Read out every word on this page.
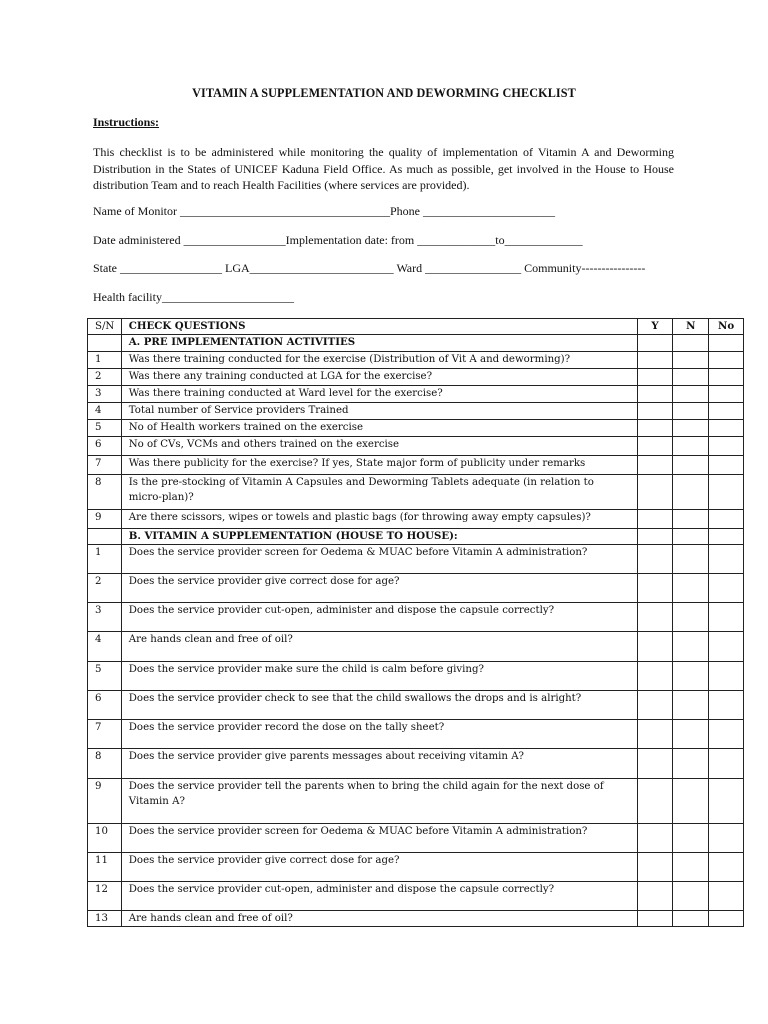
VITAMIN A SUPPLEMENTATION AND DEWORMING CHECKLIST
Instructions:
This checklist is to be administered while monitoring the quality of implementation of Vitamin A and Deworming Distribution in the States of UNICEF Kaduna Field Office. As much as possible, get involved in the House to House distribution Team and to reach Health Facilities (where services are provided).
Name of Monitor ___________________________________Phone ______________________
Date administered _________________Implementation date: from _____________to_____________
State _________________ LGA________________________ Ward ________________ Community----------------
Health facility______________________
S/N	CHECK QUESTIONS	Y	N	No
	A. PRE IMPLEMENTATION ACTIVITIES			
1	Was there training conducted for the exercise (Distribution of Vit A and deworming)?			
2	Was there any training conducted at LGA for the exercise?			
3	Was there training conducted at Ward level for the exercise?			
4	Total number of Service providers Trained			
5	No of Health workers trained on the exercise			
6	No of CVs, VCMs and others trained on the exercise			
7	Was there publicity for the exercise? If yes, State major form of publicity under remarks			
8	Is the pre-stocking of Vitamin A Capsules and Deworming Tablets adequate (in relation to micro-plan)?			
9	Are there scissors, wipes or towels and plastic bags (for throwing away empty capsules)?			
	B. VITAMIN A SUPPLEMENTATION (HOUSE TO HOUSE):			
1	Does the service provider screen for Oedema & MUAC before Vitamin A administration?			
2	Does the service provider give correct dose for age?			
3	Does the service provider cut-open, administer and dispose the capsule correctly?			
4	Are hands clean and free of oil?			
5	Does the service provider make sure the child is calm before giving?			
6	Does the service provider check to see that the child swallows the drops and is alright?			
7	Does the service provider record the dose on the tally sheet?			
8	Does the service provider give parents messages about receiving vitamin A?			
9	Does the service provider tell the parents when to bring the child again for the next dose of Vitamin A?			
10	Does the service provider screen for Oedema & MUAC before Vitamin A administration?			
11	Does the service provider give correct dose for age?			
12	Does the service provider cut-open, administer and dispose the capsule correctly?			
13	Are hands clean and free of oil?			
